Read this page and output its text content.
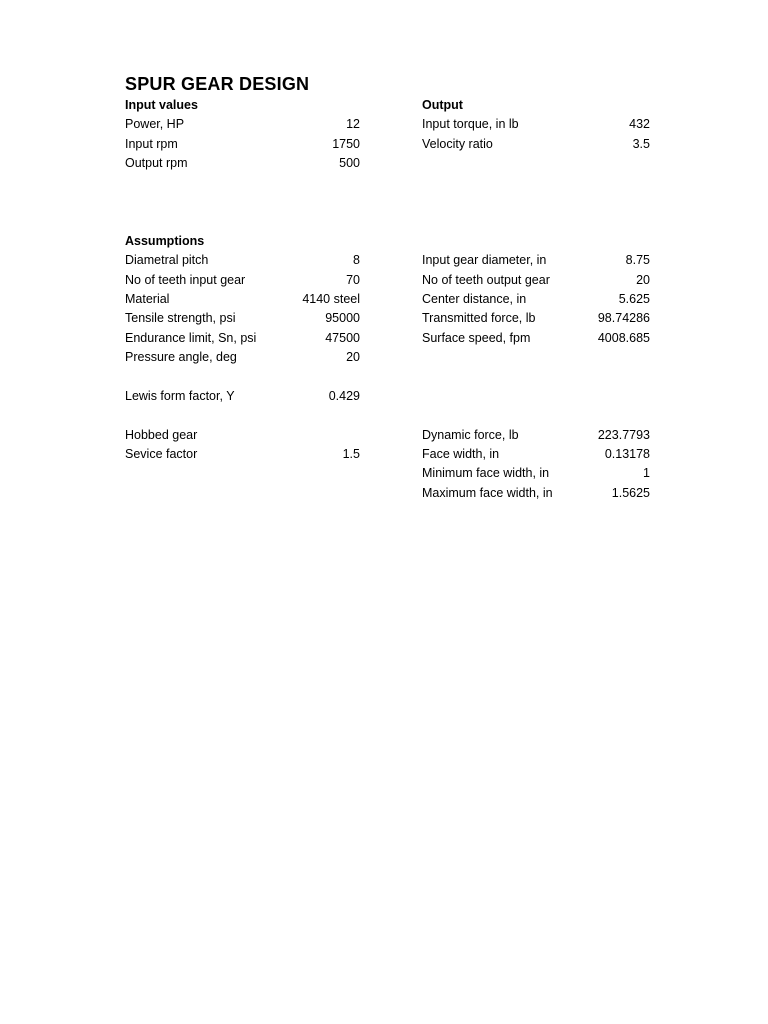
SPUR GEAR DESIGN
Input values
Power, HP	12
Input rpm	1750
Output rpm	500
Assumptions
Diametral pitch	8
No of teeth input gear	70
Material	4140 steel
Tensile strength, psi	95000
Endurance limit, Sn, psi	47500
Pressure angle, deg	20
Lewis form factor, Y	0.429
Hobbed gear
Sevice factor	1.5
Output
Input torque, in lb	432
Velocity ratio	3.5
Input gear diameter, in	8.75
No of teeth output gear	20
Center distance, in	5.625
Transmitted force, lb	98.74286
Surface speed, fpm	4008.685
Dynamic force, lb	223.7793
Face width, in	0.13178
Minimum face width, in	1
Maximum face width, in	1.5625
